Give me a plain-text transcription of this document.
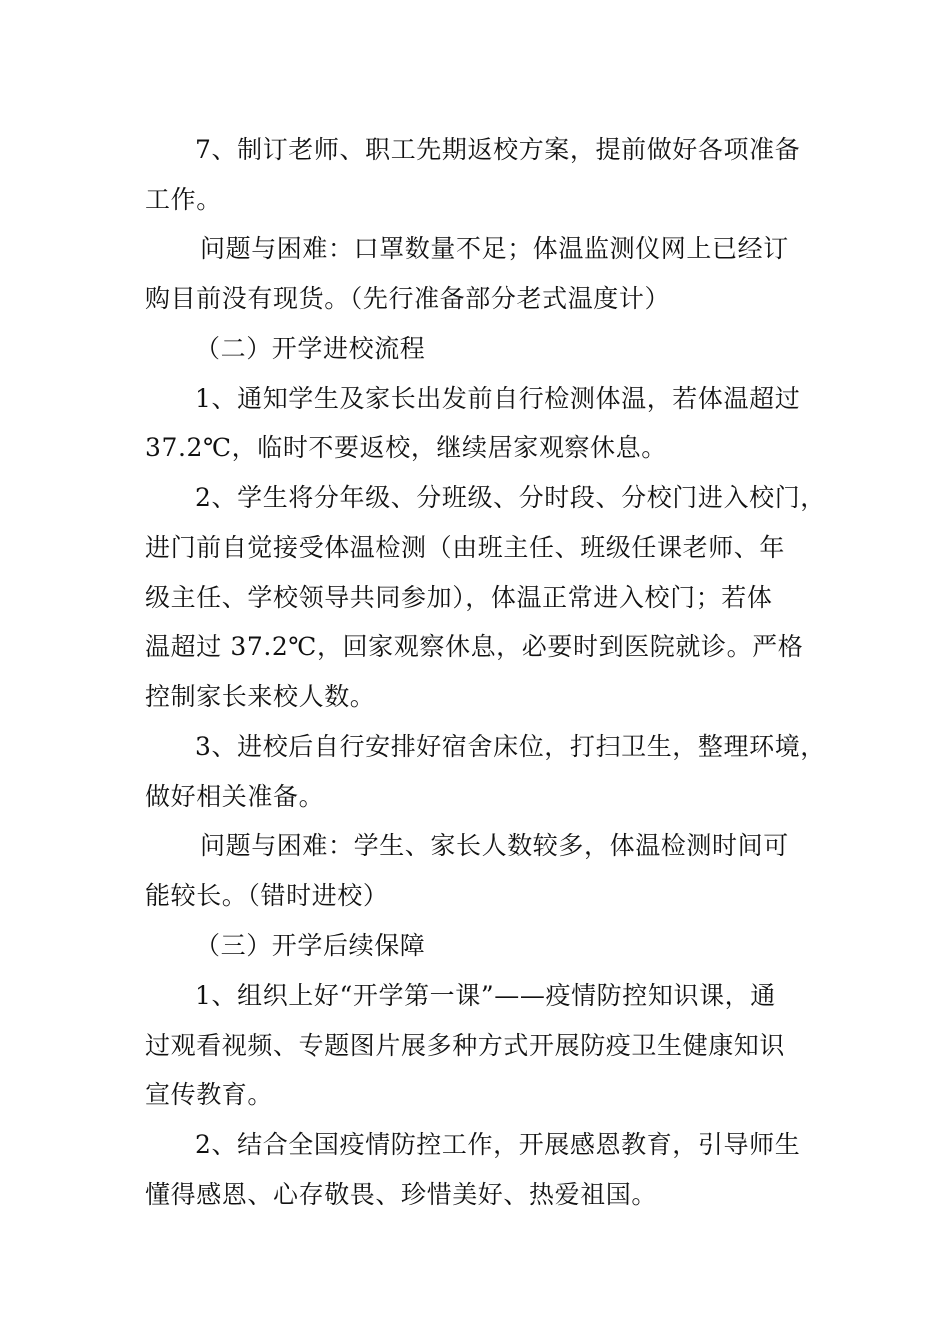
7、制订老师、职工先期返校方案，提前做好各项准备
工作。
问题与困难：口罩数量不足；体温监测仪网上已经订
购目前没有现货。（先行准备部分老式温度计）
（二）开学进校流程
1、通知学生及家长出发前自行检测体温，若体温超过
37.2℃，临时不要返校，继续居家观察休息。
2、学生将分年级、分班级、分时段、分校门进入校门，
进门前自觉接受体温检测（由班主任、班级任课老师、年
级主任、学校领导共同参加），体温正常进入校门；若体
温超过 37.2℃，回家观察休息，必要时到医院就诊。严格
控制家长来校人数。
3、进校后自行安排好宿舍床位，打扫卫生，整理环境，
做好相关准备。
问题与困难：学生、家长人数较多，体温检测时间可
能较长。（错时进校）
（三）开学后续保障
1、组织上好“开学第一课”——疫情防控知识课，通
过观看视频、专题图片展多种方式开展防疫卫生健康知识
宣传教育。
2、结合全国疫情防控工作，开展感恩教育，引导师生
懂得感恩、心存敬畏、珍惜美好、热爱祖国。
